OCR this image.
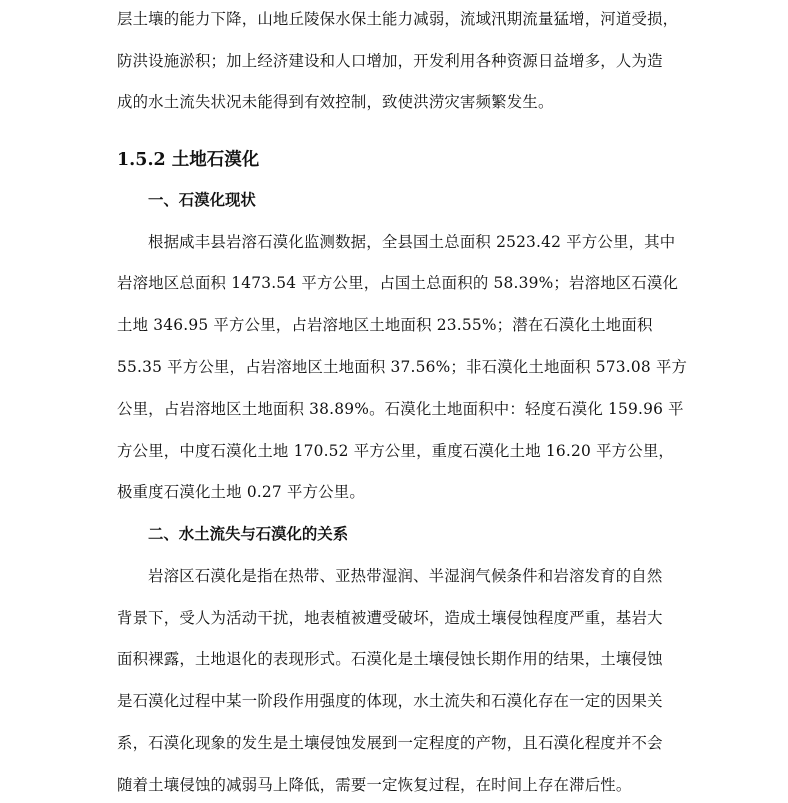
层土壤的能力下降，山地丘陵保水保土能力减弱，流域汛期流量猛增，河道受损，
防洪设施淤积；加上经济建设和人口增加，开发利用各种资源日益增多，人为造
成的水土流失状况未能得到有效控制，致使洪涝灾害频繁发生。
1.5.2 土地石漠化
一、石漠化现状
根据咸丰县岩溶石漠化监测数据，全县国土总面积 2523.42 平方公里，其中
岩溶地区总面积 1473.54 平方公里，占国土总面积的 58.39%；岩溶地区石漠化
土地 346.95 平方公里，占岩溶地区土地面积 23.55%；潜在石漠化土地面积
55.35 平方公里，占岩溶地区土地面积 37.56%；非石漠化土地面积 573.08 平方
公里，占岩溶地区土地面积 38.89%。石漠化土地面积中：轻度石漠化 159.96 平
方公里，中度石漠化土地 170.52 平方公里，重度石漠化土地 16.20 平方公里，
极重度石漠化土地 0.27 平方公里。
二、水土流失与石漠化的关系
岩溶区石漠化是指在热带、亚热带湿润、半湿润气候条件和岩溶发育的自然
背景下，受人为活动干扰，地表植被遭受破坏，造成土壤侵蚀程度严重，基岩大
面积裸露，土地退化的表现形式。石漠化是土壤侵蚀长期作用的结果，土壤侵蚀
是石漠化过程中某一阶段作用强度的体现，水土流失和石漠化存在一定的因果关
系，石漠化现象的发生是土壤侵蚀发展到一定程度的产物，且石漠化程度并不会
随着土壤侵蚀的减弱马上降低，需要一定恢复过程，在时间上存在滞后性。
